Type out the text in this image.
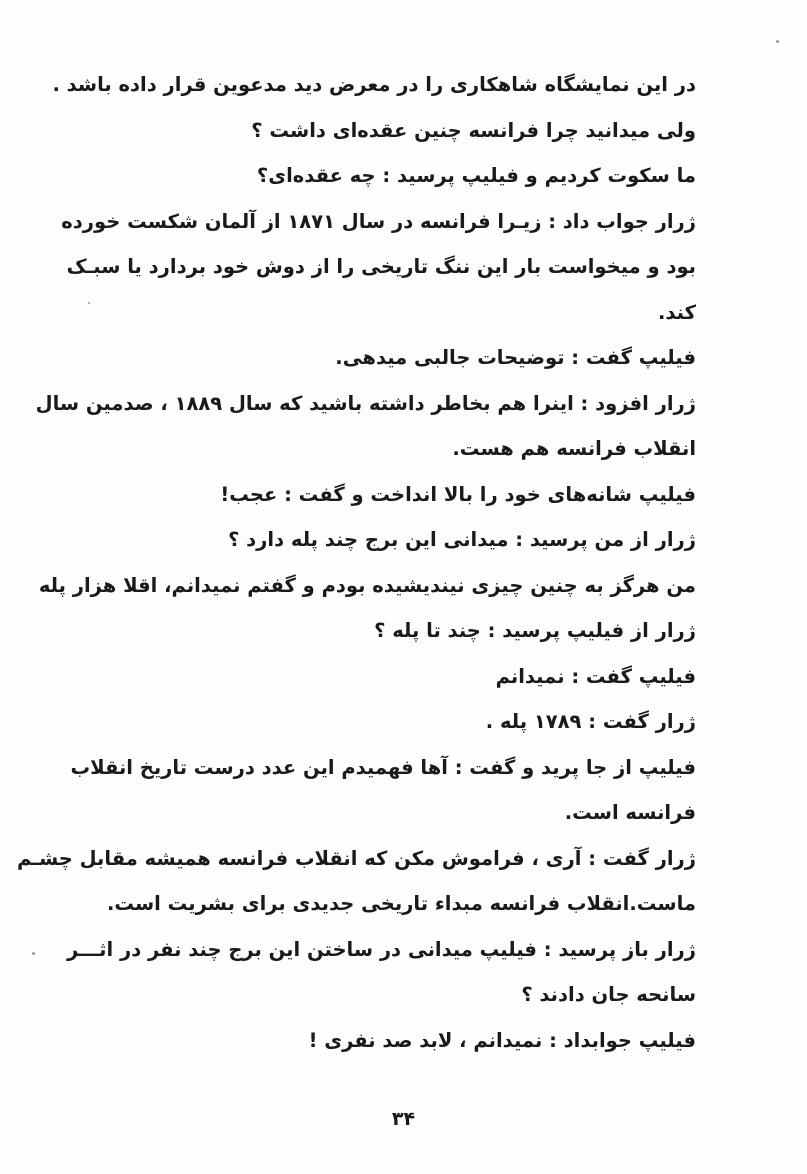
در این نمایشگاه شاهکاری را در معرض دید مدعوین قرار داده باشد .
ولی میدانید چرا فرانسه چنین عقده‌ای داشت ؟
ما سکوت کردیم و فیلیپ پرسید : چه عقده‌ای؟
ژرار جواب داد : زیـرا فرانسه در سال ۱۸۷۱ از آلمان شکست خورده
بود و میخواست بار این ننگ تاریخی را از دوش خود بردارد یا سبـک
کند.
فیلیپ گفت : توضیحات جالبی میدهی.
ژرار افزود : اینرا هم بخاطر داشته باشید که سال ۱۸۸۹ ، صدمین سال
انقلاب فرانسه هم هست.
فیلیپ شانه‌های خود را بالا انداخت و گفت : عجب!
ژرار از من پرسید : میدانی این برج چند پله دارد ؟
من هرگز به چنین چیزی نیندیشیده بودم و گفتم نمیدانم، اقلا هزار پله
ژرار از فیلیپ پرسید : چند تا پله ؟
فیلیپ گفت : نمیدانم
ژرار گفت : ۱۷۸۹ پله .
فیلیپ از جا پرید و گفت : آها فهمیدم این عدد درست تاریخ انقلاب
فرانسه است.
ژرار گفت : آری ، فراموش مکن که انقلاب فرانسه همیشه مقابل چشـم
ماست.انقلاب فرانسه مبداء تاریخی جدیدی برای بشریت است.
ژرار باز پرسید : فیلیپ میدانی در ساختن این برج چند نفر در اثـــر
سانحه جان دادند ؟
فیلیپ جوابداد : نمیدانم ، لابد صد نفری !
۳۴
